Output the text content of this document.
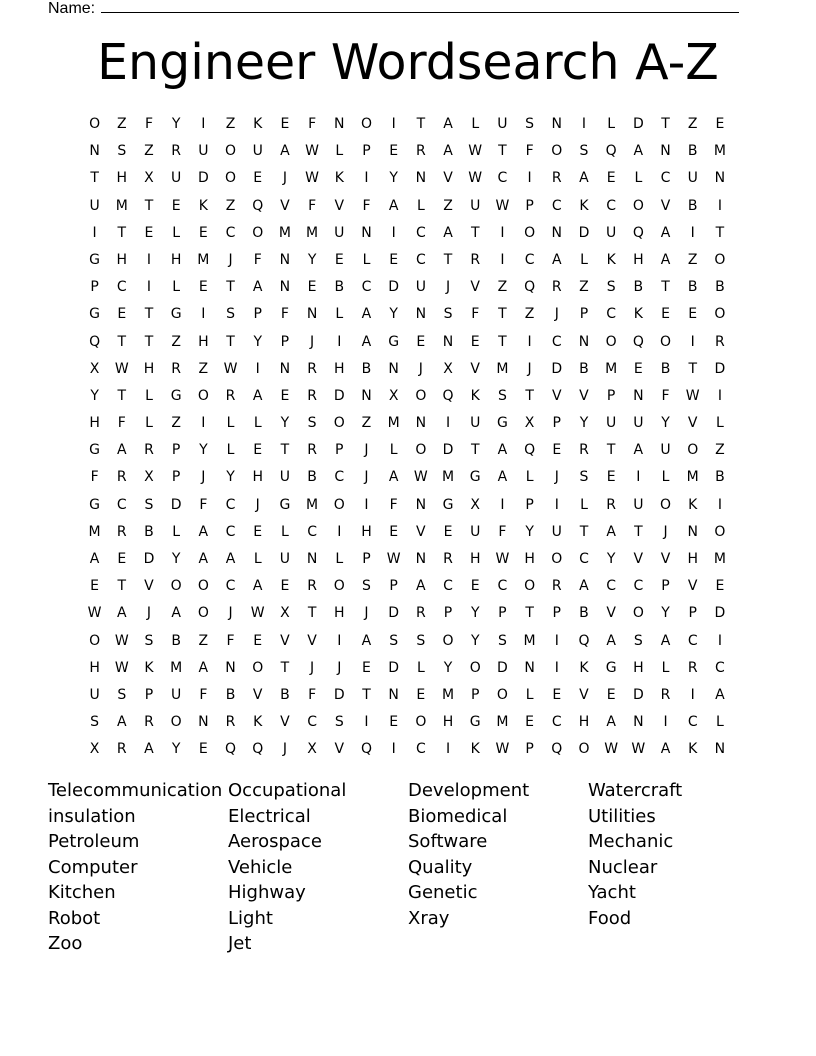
Name:
Engineer Wordsearch A-Z
O	Z	F	Y	I	Z	K	E	F	N	O	I	T	A	L	U	S	N	I	L	D	T	Z	E
N	S	Z	R	U	O	U	A	W	L	P	E	R	A	W	T	F	O	S	Q	A	N	B	M
T	H	X	U	D	O	E	J	W	K	I	Y	N	V	W	C	I	R	A	E	L	C	U	N
U	M	T	E	K	Z	Q	V	F	V	F	A	L	Z	U	W	P	C	K	C	O	V	B	I
I	T	E	L	E	C	O	M	M	U	N	I	C	A	T	I	O	N	D	U	Q	A	I	T
G	H	I	H	M	J	F	N	Y	E	L	E	C	T	R	I	C	A	L	K	H	A	Z	O
P	C	I	L	E	T	A	N	E	B	C	D	U	J	V	Z	Q	R	Z	S	B	T	B	B
G	E	T	G	I	S	P	F	N	L	A	Y	N	S	F	T	Z	J	P	C	K	E	E	O
Q	T	T	Z	H	T	Y	P	J	I	A	G	E	N	E	T	I	C	N	O	Q	O	I	R
X	W	H	R	Z	W	I	N	R	H	B	N	J	X	V	M	J	D	B	M	E	B	T	D
Y	T	L	G	O	R	A	E	R	D	N	X	O	Q	K	S	T	V	V	P	N	F	W	I
H	F	L	Z	I	L	L	Y	S	O	Z	M	N	I	U	G	X	P	Y	U	U	Y	V	L
G	A	R	P	Y	L	E	T	R	P	J	L	O	D	T	A	Q	E	R	T	A	U	O	Z
F	R	X	P	J	Y	H	U	B	C	J	A	W	M	G	A	L	J	S	E	I	L	M	B
G	C	S	D	F	C	J	G	M	O	I	F	N	G	X	I	P	I	L	R	U	O	K	I
M	R	B	L	A	C	E	L	C	I	H	E	V	E	U	F	Y	U	T	A	T	J	N	O
A	E	D	Y	A	A	L	U	N	L	P	W	N	R	H	W	H	O	C	Y	V	V	H	M
E	T	V	O	O	C	A	E	R	O	S	P	A	C	E	C	O	R	A	C	C	P	V	E
W	A	J	A	O	J	W	X	T	H	J	D	R	P	Y	P	T	P	B	V	O	Y	P	D
O	W	S	B	Z	F	E	V	V	I	A	S	S	O	Y	S	M	I	Q	A	S	A	C	I
H	W	K	M	A	N	O	T	J	J	E	D	L	Y	O	D	N	I	K	G	H	L	R	C
U	S	P	U	F	B	V	B	F	D	T	N	E	M	P	O	L	E	V	E	D	R	I	A
S	A	R	O	N	R	K	V	C	S	I	E	O	H	G	M	E	C	H	A	N	I	C	L
X	R	A	Y	E	Q	Q	J	X	V	Q	I	C	I	K	W	P	Q	O	W W	A	K	N
Telecommunication
insulation
Petroleum
Computer
Kitchen
Robot
Zoo
Occupational
Electrical
Aerospace
Vehicle
Highway
Light
Jet
Development
Biomedical
Software
Quality
Genetic
Xray
Watercraft
Utilities
Mechanic
Nuclear
Yacht
Food
